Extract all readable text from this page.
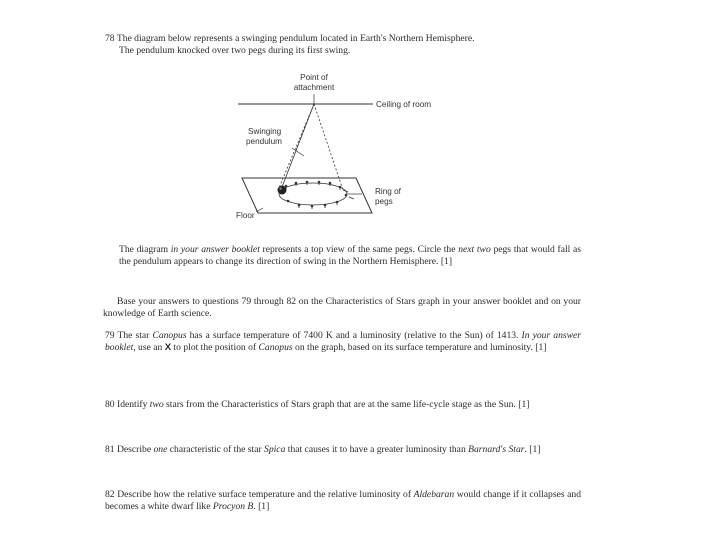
78 The diagram below represents a swinging pendulum located in Earth's Northern Hemisphere.
The pendulum knocked over two pegs during its first swing.
Point of
attachment
Ceiling of room
Swinging
pendulum
Ring of
pegs
Floor
The diagram in your answer booklet represents a top view of the same pegs. Circle the next two pegs that would fall as the pendulum appears to change its direction of swing in the Northern Hemisphere. [1]
Base your answers to questions 79 through 82 on the Characteristics of Stars graph in your answer booklet and on your knowledge of Earth science.
79 The star Canopus has a surface temperature of 7400 K and a luminosity (relative to the Sun) of 1413. In your answer booklet, use an X to plot the position of Canopus on the graph, based on its surface temperature and luminosity. [1]
80 Identify two stars from the Characteristics of Stars graph that are at the same life-cycle stage as the Sun. [1]
81 Describe one characteristic of the star Spica that causes it to have a greater luminosity than Barnard's Star. [1]
82 Describe how the relative surface temperature and the relative luminosity of Aldebaran would change if it collapses and becomes a white dwarf like Procyon B. [1]
